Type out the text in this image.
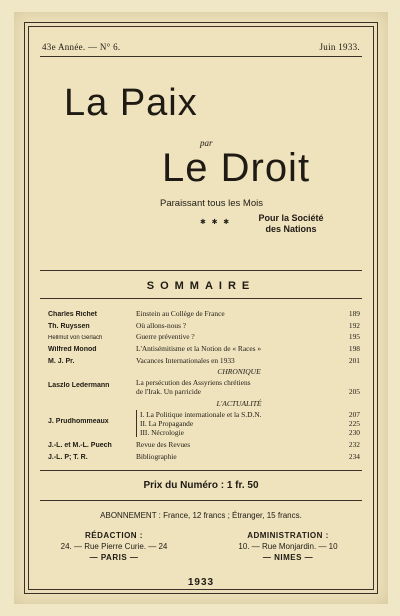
43e Année. — N° 6.	Juin 1933.
La Paix
par
Le Droit
Paraissant tous les Mois
✱ ✱ ✱	Pour la Société
des Nations
SOMMAIRE
Charles Richet	Einstein au Collège de France	189
Th. Ruyssen	Où allons-nous ?	192
Hellmut von Gerlach	Guerre préventive ?	195
Wilfred Monod	L'Antisémitisme et la Notion de « Races »	198
M. J. Pr.	Vacances Internationales en 1933	201
CHRONIQUE
Laszlo Ledermann	La persécution des Assyriens chrétiens
de l'Irak. Un parricide	205
L'ACTUALITÉ
J. Prudhommeaux
I. La Politique internationale et la S.D.N.	207
II. La Propagande	225
III. Nécrologie	230
J.-L. et M.-L. Puech	Revue des Revues	232
J.-L. P; T. R.	Bibliographie	234
Prix du Numéro : 1 fr. 50
ABONNEMENT : France, 12 francs ; Étranger, 15 francs.
RÉDACTION :
24. — Rue Pierre Curie. — 24
— PARIS —
ADMINISTRATION :
10. — Rue Monjardin. — 10
— NIMES —
1933
